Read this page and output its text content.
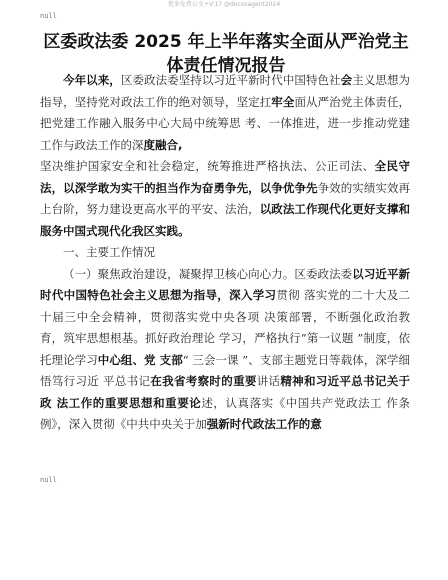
更多免费公文+V:17 @docsoagent2024
null
区委政法委 2025 年上半年落实全面从严治党主体责任情况报告

今年以来，区委政法委坚持以习近平新时代中国特色社会主义思想为指导，坚持党对政法工作的绝对领导，坚定扛牢全面从严治党主体责任，把党建工作融入服务中心大局中统筹思 考、一体推进，进一步推动党建工作与政法工作的深度融合,

坚决维护国家安全和社会稳定，统筹推进严格执法、公正司法、全民守法，以深学敢为实干的担当作为奋勇争先，以争优争先争效的实绩实效再上台阶，努力建设更高水平的平安、法治，以政法工作现代化更好支撑和服务中国式现代化我区实践。

一、主要工作情况

（一）聚焦政治建设，凝聚捍卫核心向心力。区委政法委以习近平新时代中国特色社会主义思想为指导，深入学习贯彻 落实党的二十大及二十届三中全会精神，贯彻落实党中央各项 决策部署，不断强化政治教育，筑牢思想根基。抓好政治理论 学习，严格执行“第一议题 ”制度，依托理论学习中心组、党 支部“ 三会一课 ”、支部主题党日等载体，深学细悟笃行习近 平总书记在我省考察时的重要讲话精神和习近平总书记关于政 法工作的重要思想和重要论述，认真落实《中国共产党政法工 作条例》，深入贯彻《中共中央关于加强新时代政法工作的意

null
